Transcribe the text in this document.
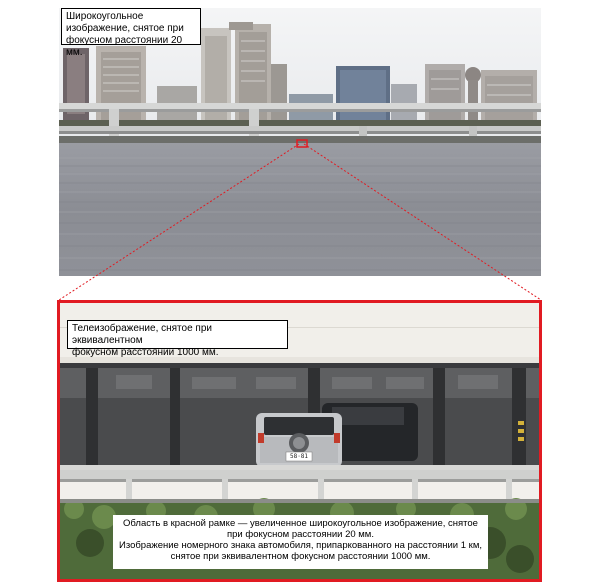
Широкоугольное
изображение, снятое при
фокусном расстоянии 20 мм.
Телеизображение, снятое при эквивалентном
фокусном расстоянии 1000 мм.
Область в красной рамке — увеличенное широкоугольное изображение, снятое
при фокусном расстоянии 20 мм.
Изображение номерного знака автомобиля, припаркованного на расстоянии 1 км,
снятое при эквивалентном фокусном расстоянии 1000 мм.
58·81
